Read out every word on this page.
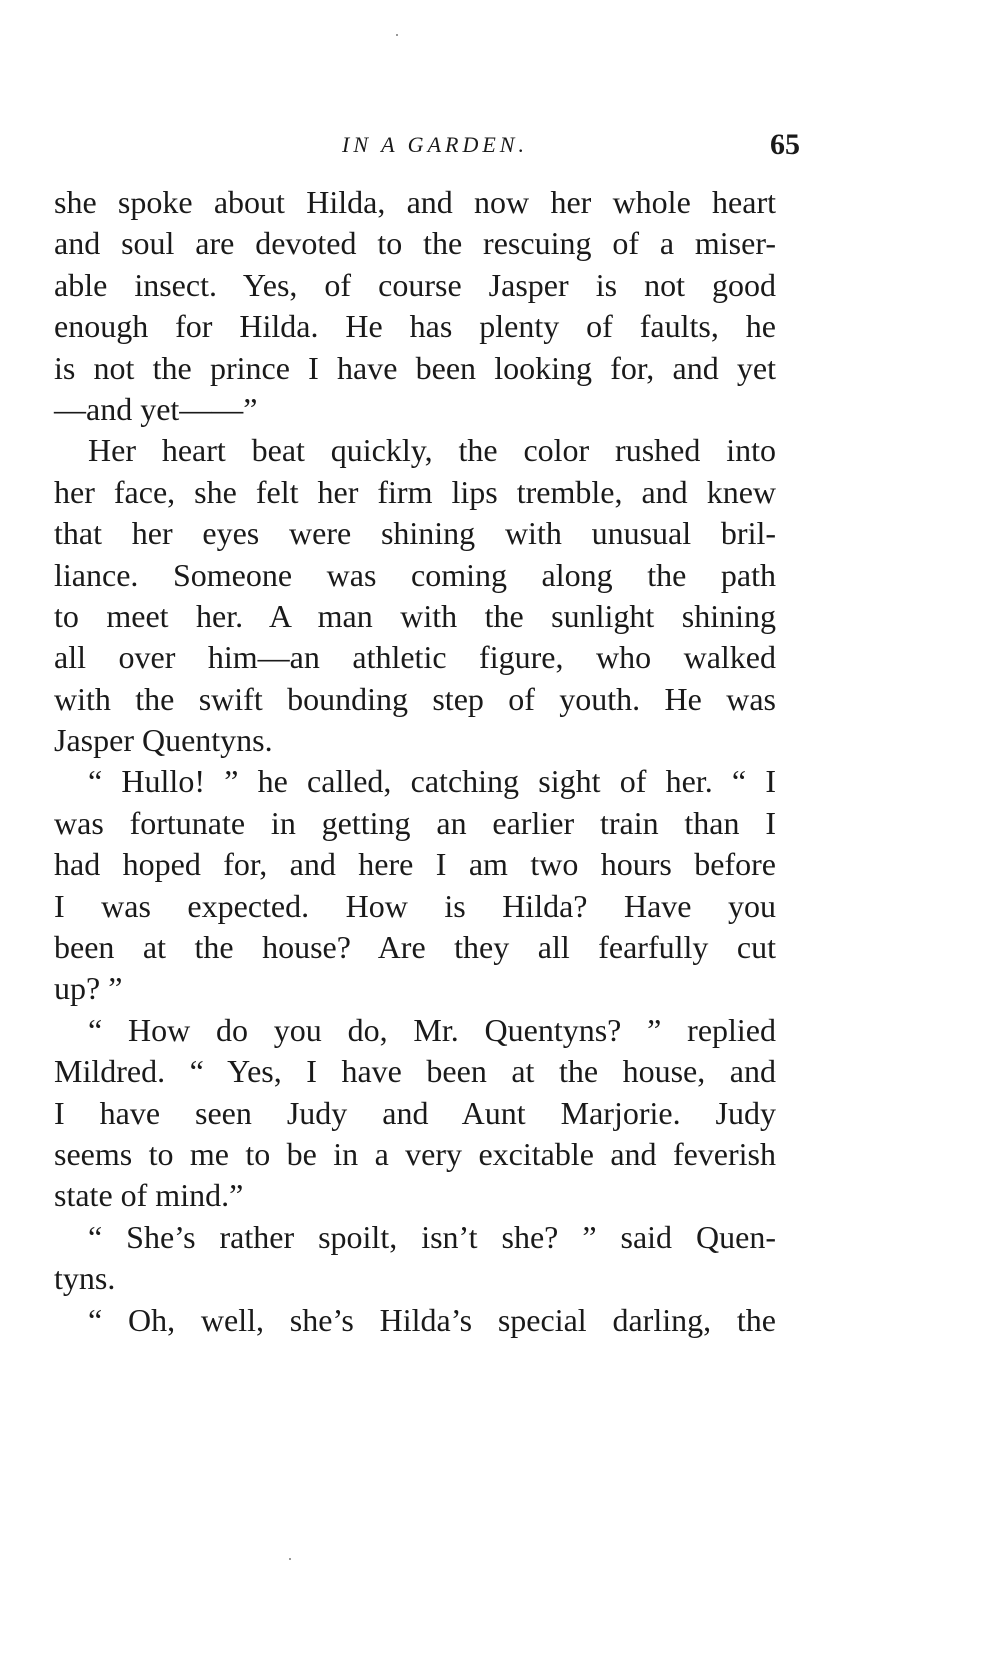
IN A GARDEN.	65
she spoke about Hilda, and now her whole heart
and soul are devoted to the rescuing of a miser-
able insect. Yes, of course Jasper is not good
enough for Hilda. He has plenty of faults, he
is not the prince I have been looking for, and yet
—and yet——”
Her heart beat quickly, the color rushed into
her face, she felt her firm lips tremble, and knew
that her eyes were shining with unusual bril-
liance. Someone was coming along the path
to meet her. A man with the sunlight shining
all over him—an athletic figure, who walked
with the swift bounding step of youth. He was
Jasper Quentyns.
“ Hullo! ” he called, catching sight of her. “ I
was fortunate in getting an earlier train than I
had hoped for, and here I am two hours before
I was expected. How is Hilda? Have you
been at the house? Are they all fearfully cut
up? ”
“ How do you do, Mr. Quentyns? ” replied
Mildred. “ Yes, I have been at the house, and
I have seen Judy and Aunt Marjorie. Judy
seems to me to be in a very excitable and feverish
state of mind.”
“ She’s rather spoilt, isn’t she? ” said Quen-
tyns.
“ Oh, well, she’s Hilda’s special darling, the
